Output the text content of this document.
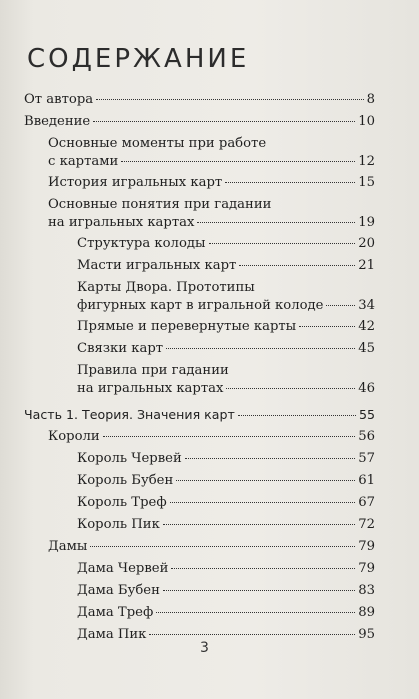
СОДЕРЖАНИЕ
От автора	8
Введение	10
Основные моменты при работе
с картами	12
История игральных карт	15
Основные понятия при гадании
на игральных картах	19
Структура колоды	20
Масти игральных карт	21
Карты Двора. Прототипы
фигурных карт в игральной колоде	34
Прямые и перевернутые карты	42
Связки карт	45
Правила при гадании
на игральных картах	46
Часть 1. Теория. Значения карт	55
Короли	56
Король Червей	57
Король Бубен	61
Король Треф	67
Король Пик	72
Дамы	79
Дама Червей	79
Дама Бубен	83
Дама Треф	89
Дама Пик	95
3
